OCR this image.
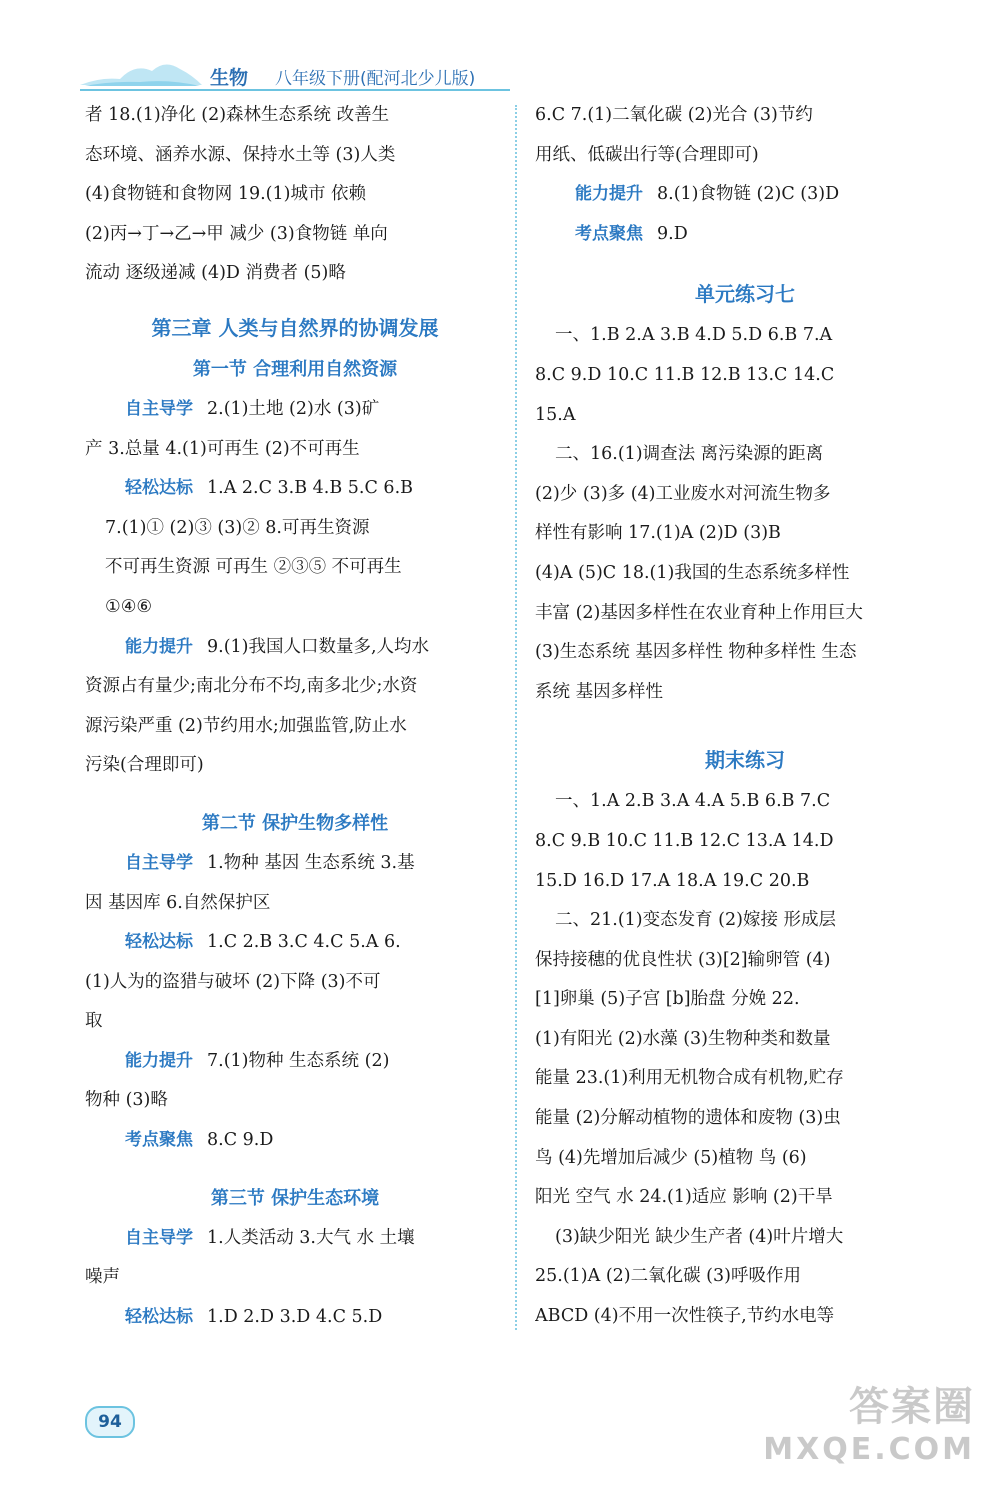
生物 八年级下册(配河北少儿版)
者 18.(1)净化 (2)森林生态系统 改善生
态环境、涵养水源、保持水土等 (3)人类
(4)食物链和食物网 19.(1)城市 依赖
(2)丙→丁→乙→甲 减少 (3)食物链 单向
流动 逐级递减 (4)D 消费者 (5)略
第三章 人类与自然界的协调发展
第一节 合理利用自然资源
自主导学 2.(1)土地 (2)水 (3)矿
产 3.总量 4.(1)可再生 (2)不可再生
轻松达标 1.A 2.C 3.B 4.B 5.C 6.B
7.(1)① (2)③ (3)② 8.可再生资源
不可再生资源 可再生 ②③⑤ 不可再生
①④⑥
能力提升 9.(1)我国人口数量多,人均水
资源占有量少;南北分布不均,南多北少;水资
源污染严重 (2)节约用水;加强监管,防止水
污染(合理即可)
第二节 保护生物多样性
自主导学 1.物种 基因 生态系统 3.基
因 基因库 6.自然保护区
轻松达标 1.C 2.B 3.C 4.C 5.A 6.
(1)人为的盗猎与破坏 (2)下降 (3)不可
取
能力提升 7.(1)物种 生态系统 (2)
物种 (3)略
考点聚焦 8.C 9.D
第三节 保护生态环境
自主导学 1.人类活动 3.大气 水 土壤
噪声
轻松达标 1.D 2.D 3.D 4.C 5.D
6.C 7.(1)二氧化碳 (2)光合 (3)节约
用纸、低碳出行等(合理即可)
能力提升 8.(1)食物链 (2)C (3)D
考点聚焦 9.D
单元练习七
一、1.B 2.A 3.B 4.D 5.D 6.B 7.A
8.C 9.D 10.C 11.B 12.B 13.C 14.C
15.A
二、16.(1)调查法 离污染源的距离
(2)少 (3)多 (4)工业废水对河流生物多
样性有影响 17.(1)A (2)D (3)B
(4)A (5)C 18.(1)我国的生态系统多样性
丰富 (2)基因多样性在农业育种上作用巨大
(3)生态系统 基因多样性 物种多样性 生态
系统 基因多样性
期末练习
一、1.A 2.B 3.A 4.A 5.B 6.B 7.C
8.C 9.B 10.C 11.B 12.C 13.A 14.D
15.D 16.D 17.A 18.A 19.C 20.B
二、21.(1)变态发育 (2)嫁接 形成层
保持接穗的优良性状 (3)[2]输卵管 (4)
[1]卵巢 (5)子宫 [b]胎盘 分娩 22.
(1)有阳光 (2)水藻 (3)生物种类和数量
能量 23.(1)利用无机物合成有机物,贮存
能量 (2)分解动植物的遗体和废物 (3)虫
鸟 (4)先增加后减少 (5)植物 鸟 (6)
阳光 空气 水 24.(1)适应 影响 (2)干旱
(3)缺少阳光 缺少生产者 (4)叶片增大
25.(1)A (2)二氧化碳 (3)呼吸作用
ABCD (4)不用一次性筷子,节约水电等
94	答案圈
MXQE.COM
